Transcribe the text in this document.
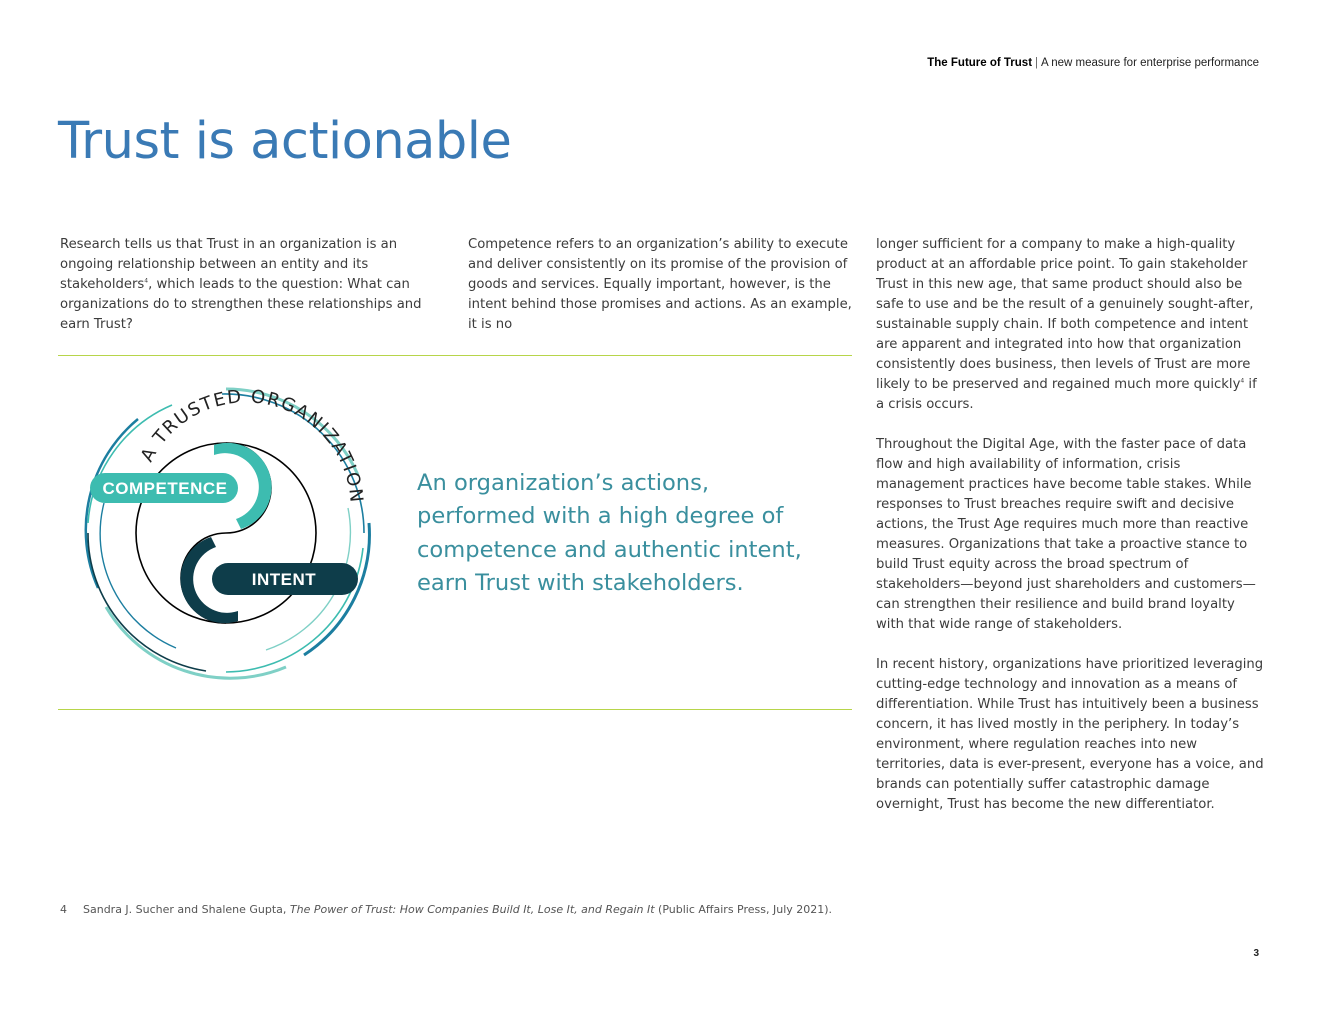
The Future of Trust | A new measure for enterprise performance
Trust is actionable

Research tells us that Trust in an organization is an ongoing relationship between an entity and its stakeholders$^4$, which leads to the question: What can organizations do to strengthen these relationships and earn Trust?

Competence refers to an organization’s ability to execute and deliver consistently on its promise of the provision of goods and services. Equally important, however, is the intent behind those promises and actions. As an example, it is no

longer sufficient for a company to make a high-quality product at an affordable price point. To gain stakeholder Trust in this new age, that same product should also be safe to use and be the result of a genuinely sought-after, sustainable supply chain. If both competence and intent are apparent and integrated into how that organization consistently does business, then levels of Trust are more likely to be preserved and regained much more quickly$^4$ if a crisis occurs.

Throughout the Digital Age, with the faster pace of data flow and high availability of information, crisis management practices have become table stakes. While responses to Trust breaches require swift and decisive actions, the Trust Age requires much more than reactive measures. Organizations that take a proactive stance to build Trust equity across the broad spectrum of stakeholders—beyond just shareholders and customers—can strengthen their resilience and build brand loyalty with that wide range of stakeholders.

In recent history, organizations have prioritized leveraging cutting-edge technology and innovation as a means of differentiation. While Trust has intuitively been a business concern, it has lived mostly in the periphery. In today’s environment, where regulation reaches into new territories, data is ever-present, everyone has a voice, and brands can potentially suffer catastrophic damage overnight, Trust has become the new differentiator.

A TRUSTED ORGANIZATION
COMPETENCE
INTENT

An organization’s actions, performed with a high degree of competence and authentic intent, earn Trust with stakeholders.

4 Sandra J. Sucher and Shalene Gupta, The Power of Trust: How Companies Build It, Lose It, and Regain It (Public Affairs Press, July 2021).
3
